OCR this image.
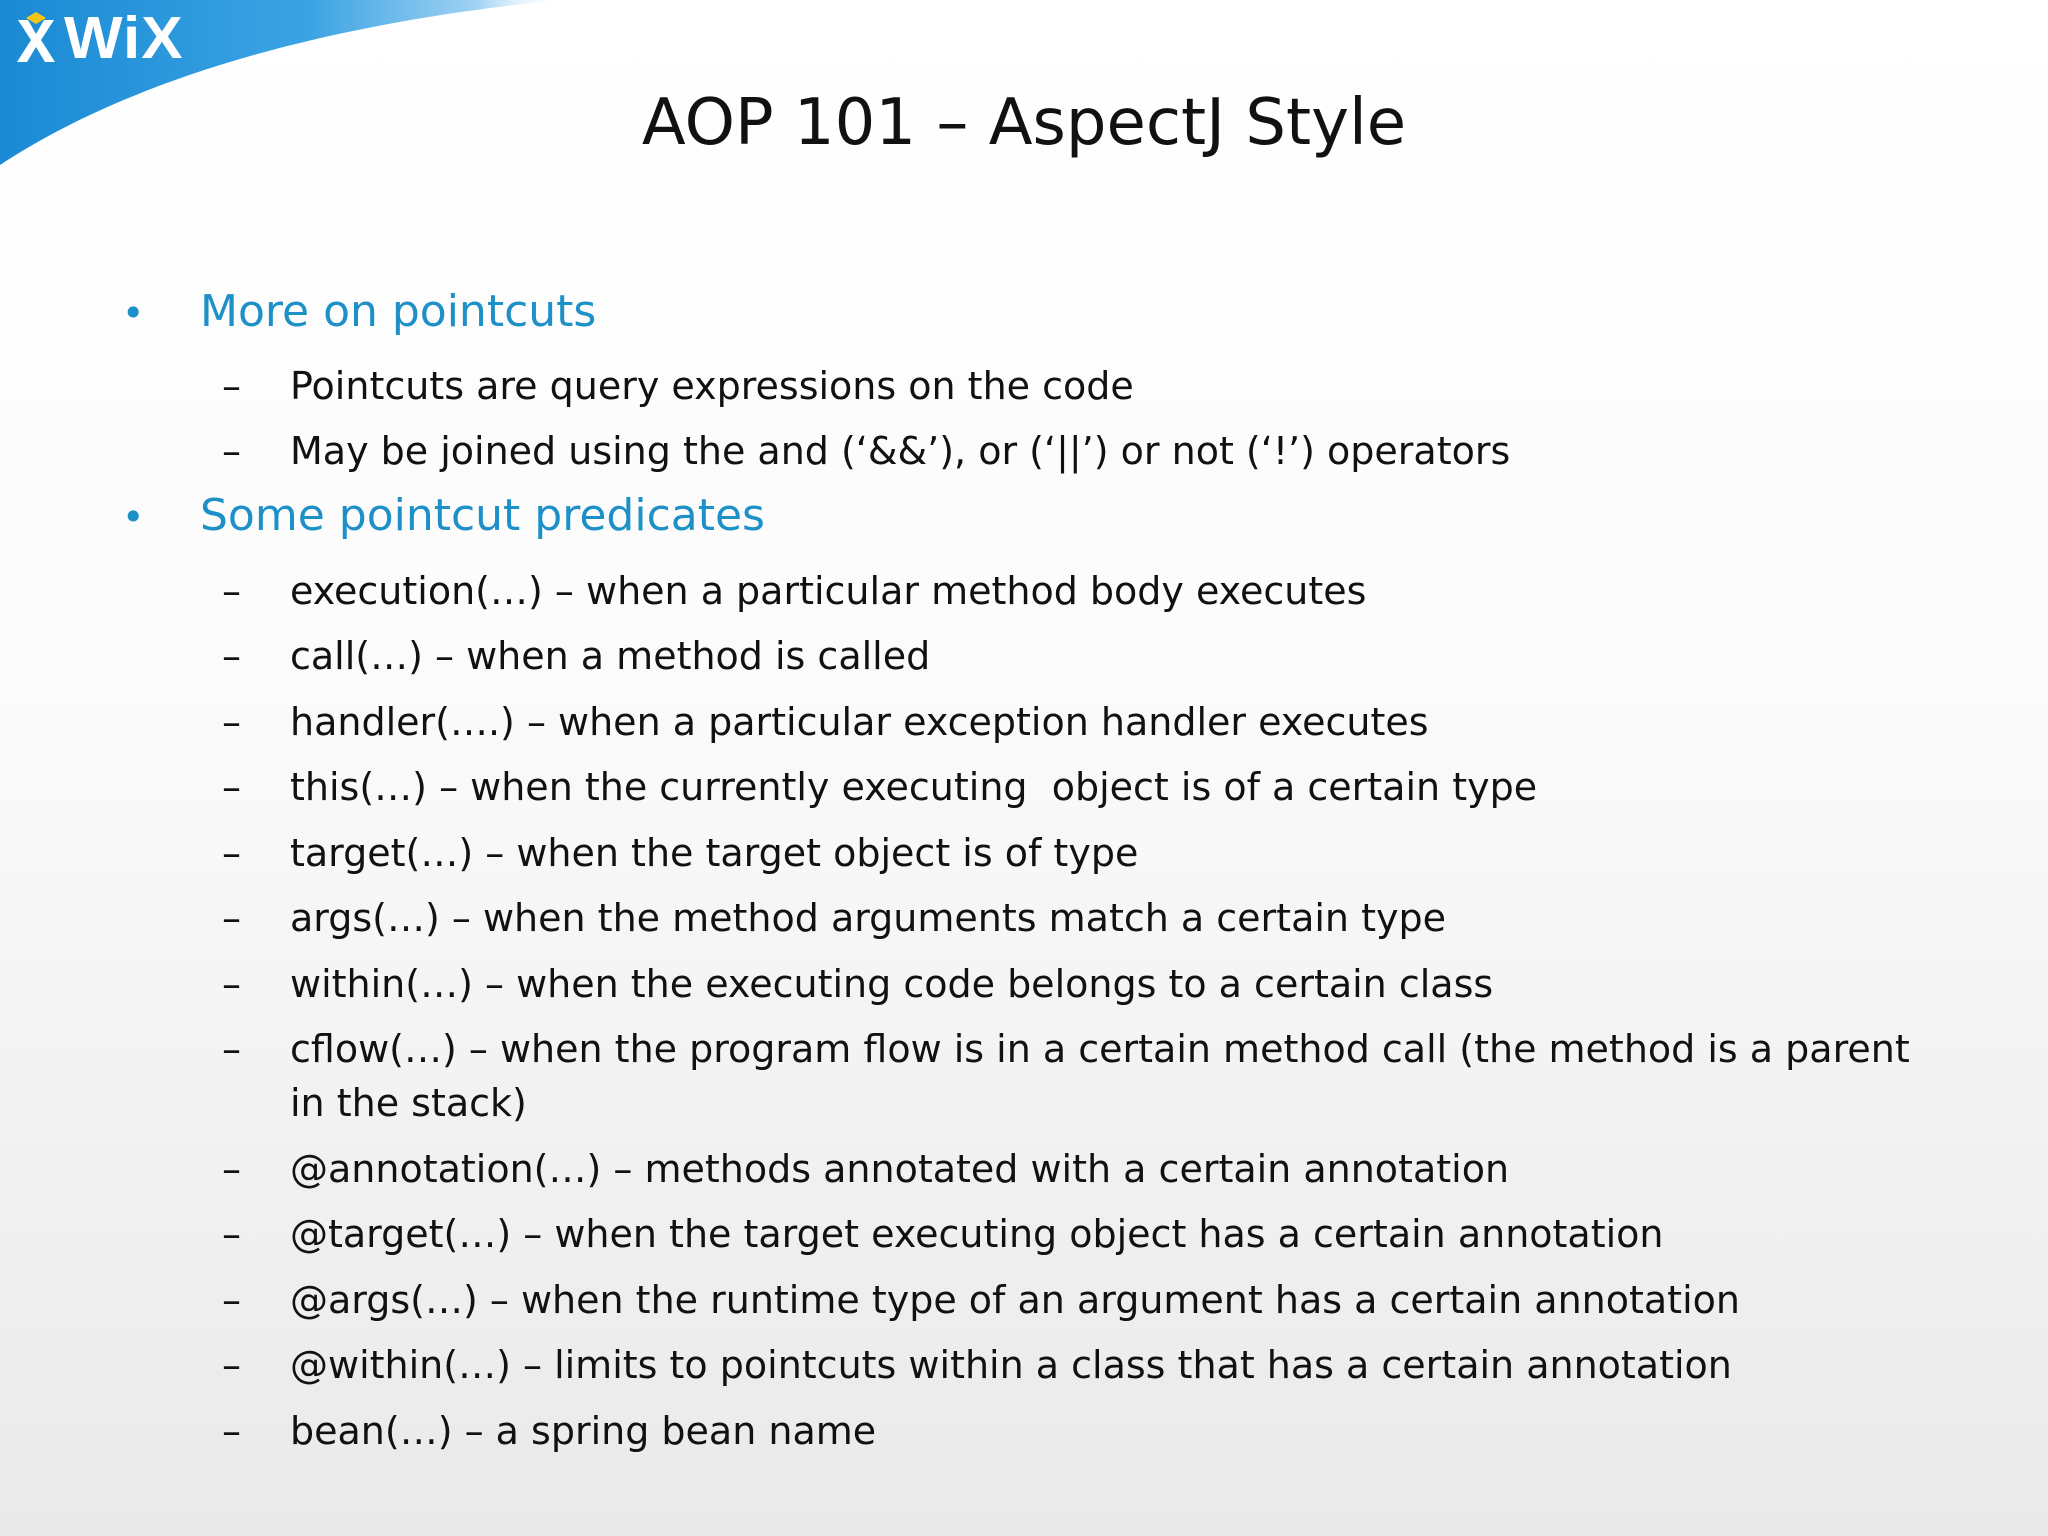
WiX
AOP 101 – AspectJ Style
•	More on pointcuts
–	Pointcuts are query expressions on the code
–	May be joined using the and (‘&&’), or (‘||’) or not (‘!’) operators
•	Some pointcut predicates
–	execution(…) – when a particular method body executes
–	call(…) – when a method is called
–	handler(….) – when a particular exception handler executes
–	this(…) – when the currently executing  object is of a certain type
–	target(…) – when the target object is of type
–	args(…) – when the method arguments match a certain type
–	within(…) – when the executing code belongs to a certain class
–	cflow(…) – when the program flow is in a certain method call (the method is a parent in the stack)
–	@annotation(…) – methods annotated with a certain annotation
–	@target(…) – when the target executing object has a certain annotation
–	@args(…) – when the runtime type of an argument has a certain annotation
–	@within(…) – limits to pointcuts within a class that has a certain annotation
–	bean(…) – a spring bean name
